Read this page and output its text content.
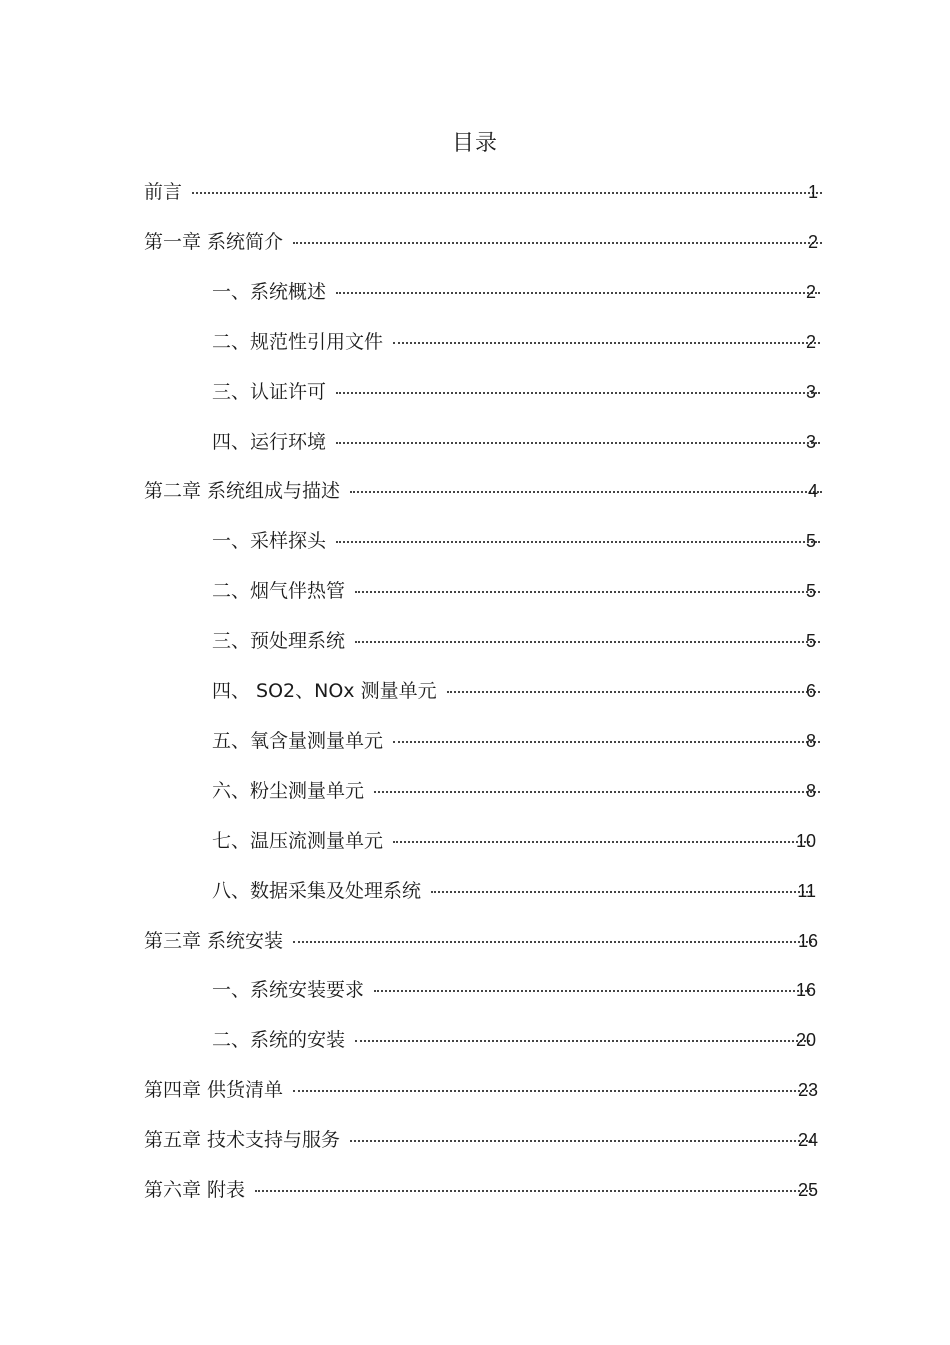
目录
前言	1
第一章 系统简介	2
一、系统概述	2
二、规范性引用文件	2
三、认证许可	3
四、运行环境	3
第二章 系统组成与描述	4
一、采样探头	5
二、烟气伴热管	5
三、预处理系统	5
四、 SO2、NOx 测量单元	6
五、氧含量测量单元	8
六、粉尘测量单元	8
七、温压流测量单元	10
八、数据采集及处理系统	11
第三章 系统安装	16
一、系统安装要求	16
二、系统的安装	20
第四章 供货清单	23
第五章 技术支持与服务	24
第六章 附表	25
